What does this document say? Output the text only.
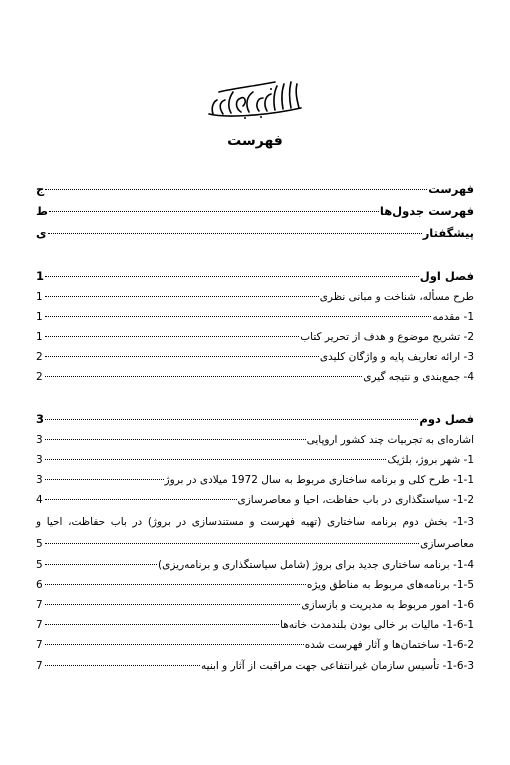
فهرست
فهرست
ج
فهرست جدول‌ها
ط
پیشگفتار
ی
فصل اول
1
طرح مسأله، شناخت و مبانی نظری
1
1- مقدمه
1
2- تشریح موضوع و هدف از تحریر کتاب
1
3- ارائه تعاریف پایه و واژگان کلیدی
2
4- جمع‌بندی و نتیجه گیری
2
فصل دوم
3
اشاره‌ای به تجربیات چند کشور اروپایی
3
1- شهر بروژ، بلژیک
3
1-1- طرح کلی و برنامه ساختاری مربوط به سال 1972 میلادی در بروژ
3
1-2- سیاستگذاری در باب حفاظت، احیا و معاصرسازی
4
1-3- بخش دوم برنامه ساختاری (تهیه فهرست و مستندسازی در بروژ) در باب حفاظت، احیا و
معاصرسازی
5
1-4- برنامه ساختاری جدید برای بروژ (شامل سیاستگذاری و برنامه‌ریزی)
5
1-5- برنامه‌های مربوط به مناطق ویژه
6
1-6- امور مربوط به مدیریت و بازسازی
7
1-6-1- مالیات بر خالی بودن بلندمدت خانه‌ها
7
1-6-2- ساختمان‌ها و آثار فهرست شده
7
1-6-3- تأسیس سازمان غیرانتفاعی جهت مراقبت از آثار و ابنیه
7
